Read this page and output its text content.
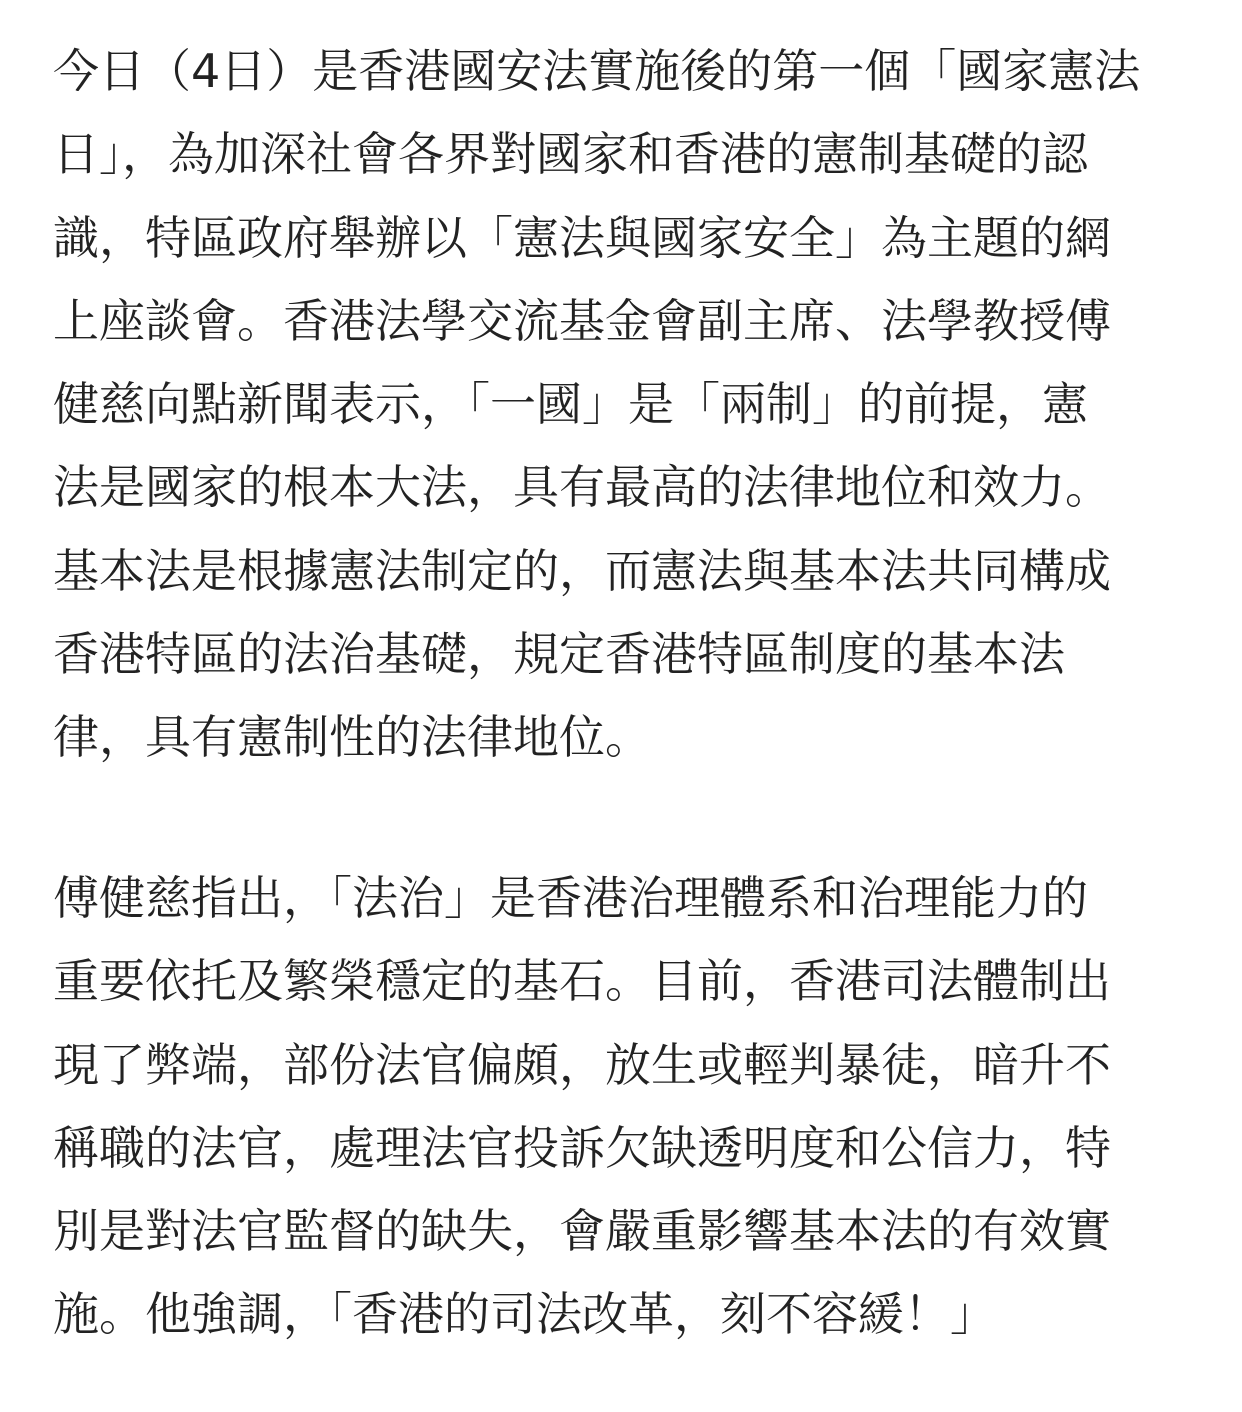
今日（4日）是香港國安法實施後的第一個「國家憲法
日」，為加深社會各界對國家和香港的憲制基礎的認
識，特區政府舉辦以「憲法與國家安全」為主題的網
上座談會。香港法學交流基金會副主席、法學教授傅
健慈向點新聞表示，「一國」是「兩制」的前提，憲
法是國家的根本大法，具有最高的法律地位和效力。
基本法是根據憲法制定的，而憲法與基本法共同構成
香港特區的法治基礎，規定香港特區制度的基本法
律，具有憲制性的法律地位。

傅健慈指出，「法治」是香港治理體系和治理能力的
重要依托及繁榮穩定的基石。目前，香港司法體制出
現了弊端，部份法官偏頗，放生或輕判暴徒，暗升不
稱職的法官，處理法官投訴欠缺透明度和公信力，特
別是對法官監督的缺失，會嚴重影響基本法的有效實
施。他強調，「香港的司法改革，刻不容緩！」
